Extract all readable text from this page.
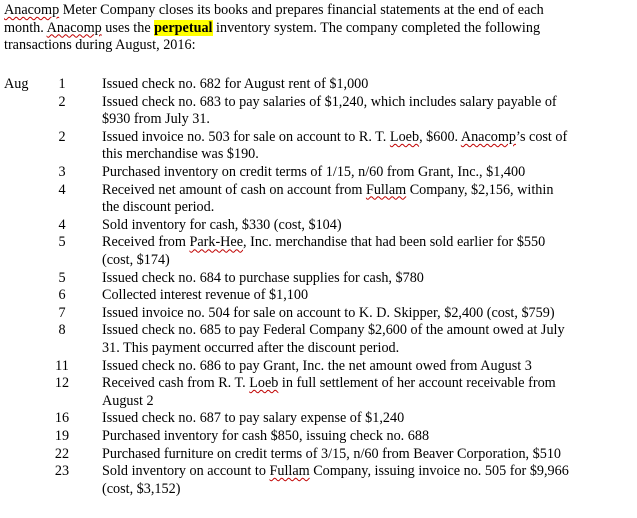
Anacomp Meter Company closes its books and prepares financial statements at the end of each
month. Anacomp uses the perpetual inventory system. The company completed the following
transactions during August, 2016:
Aug	1	Issued check no. 682 for August rent of $1,000
2	Issued check no. 683 to pay salaries of $1,240, which includes salary payable of
$930 from July 31.
2	Issued invoice no. 503 for sale on account to R. T. Loeb, $600. Anacomp’s cost of
this merchandise was $190.
3	Purchased inventory on credit terms of 1/15, n/60 from Grant, Inc., $1,400
4	Received net amount of cash on account from Fullam Company, $2,156, within
the discount period.
4	Sold inventory for cash, $330 (cost, $104)
5	Received from Park-Hee, Inc. merchandise that had been sold earlier for $550
(cost, $174)
5	Issued check no. 684 to purchase supplies for cash, $780
6	Collected interest revenue of $1,100
7	Issued invoice no. 504 for sale on account to K. D. Skipper, $2,400 (cost, $759)
8	Issued check no. 685 to pay Federal Company $2,600 of the amount owed at July
31. This payment occurred after the discount period.
11 Issued check no. 686 to pay Grant, Inc. the net amount owed from August 3
12 Received cash from R. T. Loeb in full settlement of her account receivable from
August 2
16 Issued check no. 687 to pay salary expense of $1,240
19 Purchased inventory for cash $850, issuing check no. 688
22 Purchased furniture on credit terms of 3/15, n/60 from Beaver Corporation, $510
23 Sold inventory on account to Fullam Company, issuing invoice no. 505 for $9,966
(cost, $3,152)
